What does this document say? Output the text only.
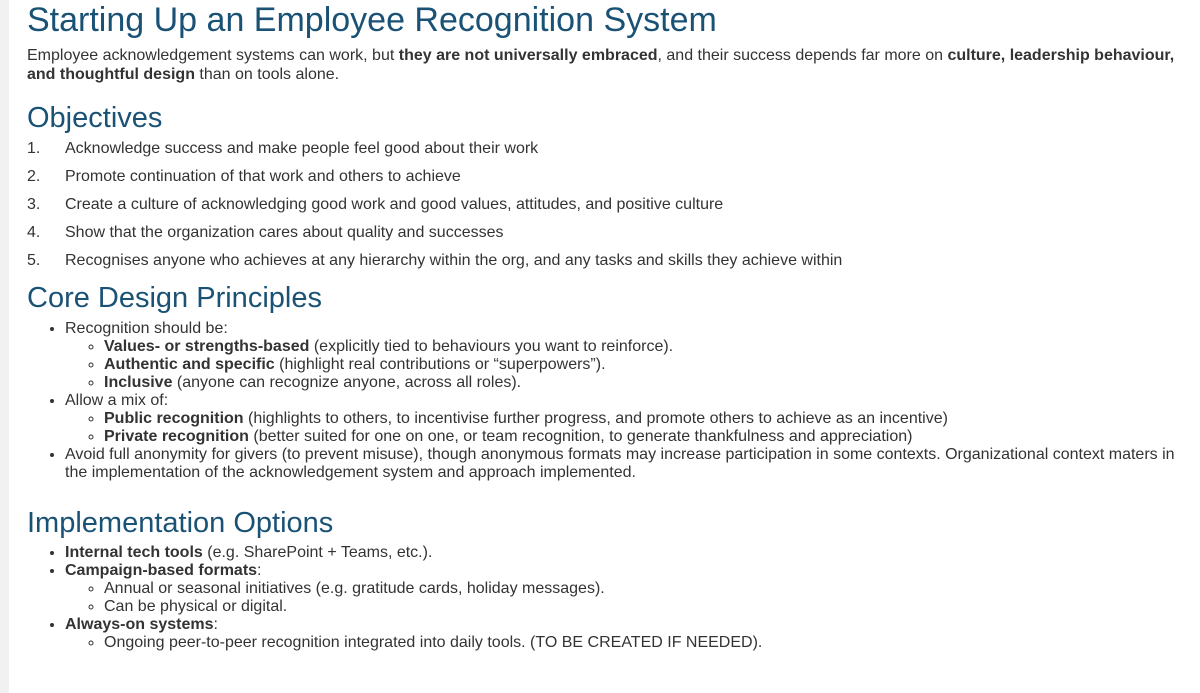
Starting Up an Employee Recognition System

Employee acknowledgement systems can work, but they are not universally embraced, and their success depends far more on culture, leadership behaviour, and thoughtful design than on tools alone.

Objectives
1. Acknowledge success and make people feel good about their work
2. Promote continuation of that work and others to achieve
3. Create a culture of acknowledging good work and good values, attitudes, and positive culture
4. Show that the organization cares about quality and successes
5. Recognises anyone who achieves at any hierarchy within the org, and any tasks and skills they achieve within
Core Design Principles
• Recognition should be:
◦ Values- or strengths-based (explicitly tied to behaviours you want to reinforce).
◦ Authentic and specific (highlight real contributions or “superpowers”).
◦ Inclusive (anyone can recognize anyone, across all roles).
• Allow a mix of:
◦ Public recognition (highlights to others, to incentivise further progress, and promote others to achieve as an incentive)
◦ Private recognition (better suited for one on one, or team recognition, to generate thankfulness and appreciation)
• Avoid full anonymity for givers (to prevent misuse), though anonymous formats may increase participation in some contexts. Organizational context maters in the implementation of the acknowledgement system and approach implemented.
Implementation Options
• Internal tech tools (e.g. SharePoint + Teams, etc.).
• Campaign-based formats:
◦ Annual or seasonal initiatives (e.g. gratitude cards, holiday messages).
◦ Can be physical or digital.
• Always-on systems:
◦ Ongoing peer-to-peer recognition integrated into daily tools. (TO BE CREATED IF NEEDED).
